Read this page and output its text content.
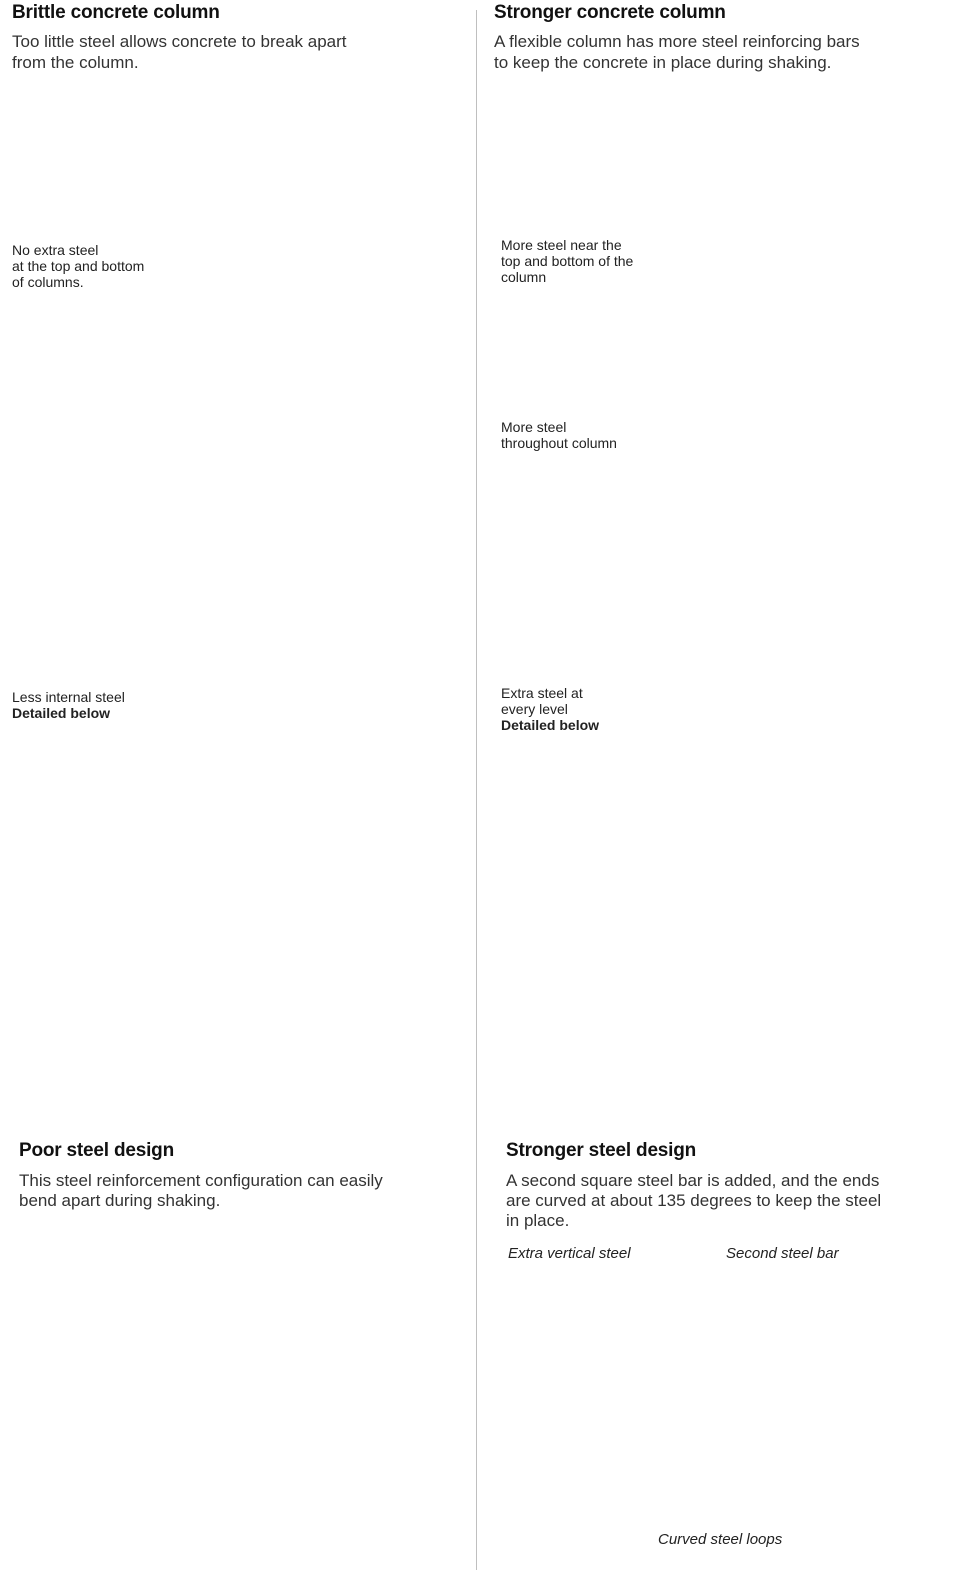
Brittle concrete column
Too little steel allows concrete to break apart
from the column.
Stronger concrete column
A flexible column has more steel reinforcing bars
to keep the concrete in place during shaking.
No extra steel
at the top and bottom
of columns.
Less internal steel
Detailed below
More steel near the
top and bottom of the
column
More steel
throughout column
Extra steel at
every level
Detailed below
Poor steel design
This steel reinforcement configuration can easily
bend apart during shaking.
Stronger steel design
A second square steel bar is added, and the ends
are curved at about 135 degrees to keep the steel
in place.
Extra vertical steel	Second steel bar
Curved steel loops
